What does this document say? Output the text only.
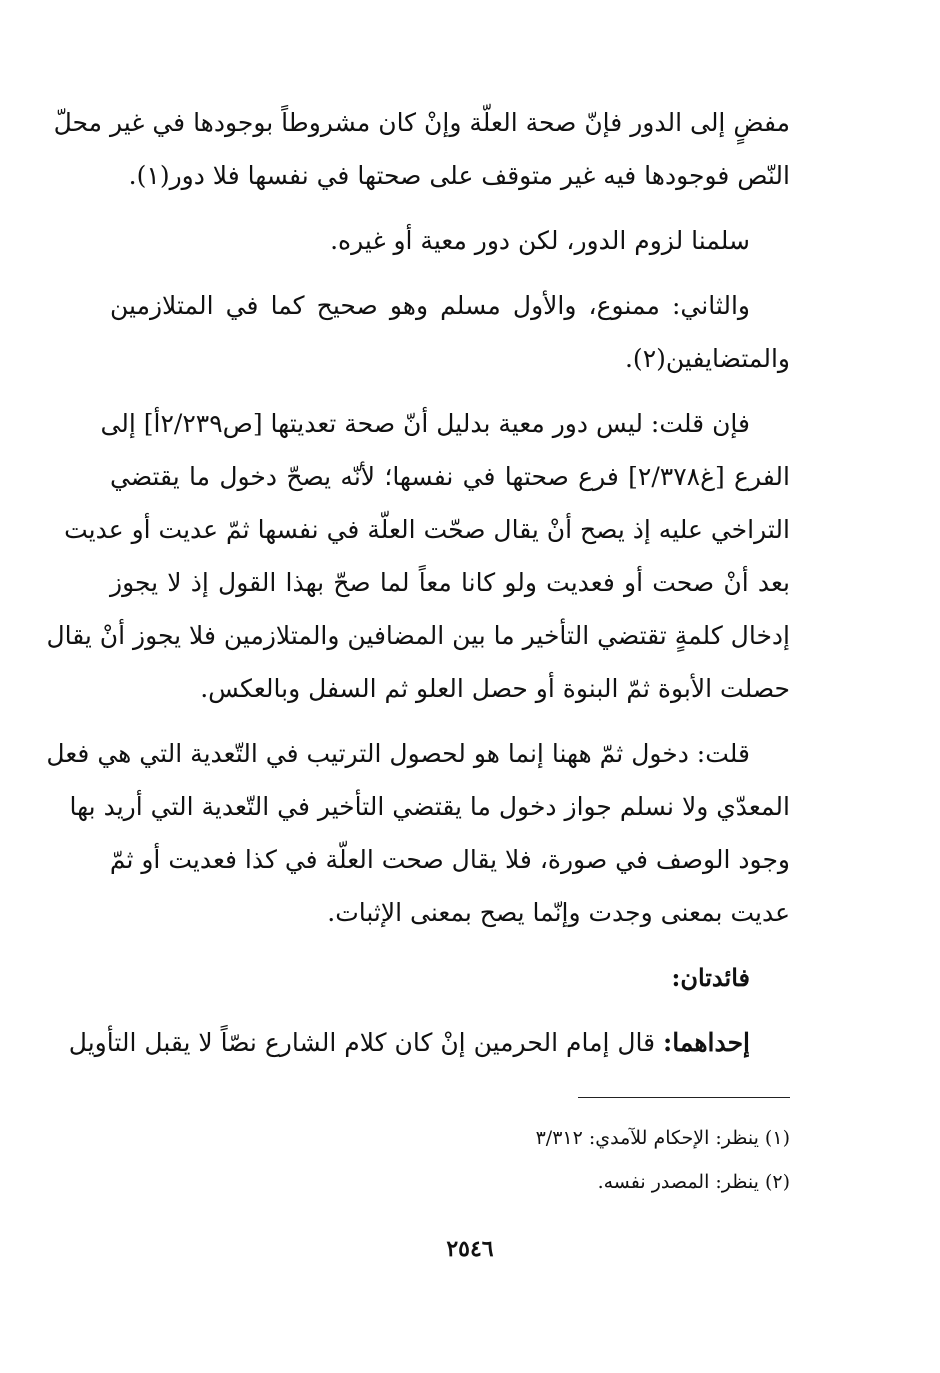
مفضٍ إلى الدور فإنّ صحة العلّة وإنْ كان مشروطاً بوجودها في غير محلّ
النّص فوجودها فيه غير متوقف على صحتها في نفسها فلا دور(١).
سلمنا لزوم الدور، لكن دور معية أو غيره.
والثاني: ممنوع، والأول مسلم وهو صحيح كما في المتلازمين
والمتضايفين(٢).
فإن قلت: ليس دور معية بدليل أنّ صحة تعديتها [ص٢/٢٣٩أ] إلى
الفرع [غ٢/٣٧٨] فرع صحتها في نفسها؛ لأنّه يصحّ دخول ما يقتضي
التراخي عليه إذ يصح أنْ يقال صحّت العلّة في نفسها ثمّ عديت أو عديت
بعد أنْ صحت أو فعديت ولو كانا معاً لما صحّ بهذا القول إذ لا يجوز
إدخال كلمةٍ تقتضي التأخير ما بين المضافين والمتلازمين فلا يجوز أنْ يقال
حصلت الأبوة ثمّ البنوة أو حصل العلو ثم السفل وبالعكس.
قلت: دخول ثمّ ههنا إنما هو لحصول الترتيب في التّعدية التي هي فعل
المعدّي ولا نسلم جواز دخول ما يقتضي التأخير في التّعدية التي أريد بها
وجود الوصف في صورة، فلا يقال صحت العلّة في كذا فعديت أو ثمّ
عديت بمعنى وجدت وإنّما يصح بمعنى الإثبات.
فائدتان:
إحداهما: قال إمام الحرمين إنْ كان كلام الشارع نصّاً لا يقبل التأويل
(١) ينظر: الإحكام للآمدي: ٣/٣١٢
(٢) ينظر: المصدر نفسه.
٢٥٤٦
